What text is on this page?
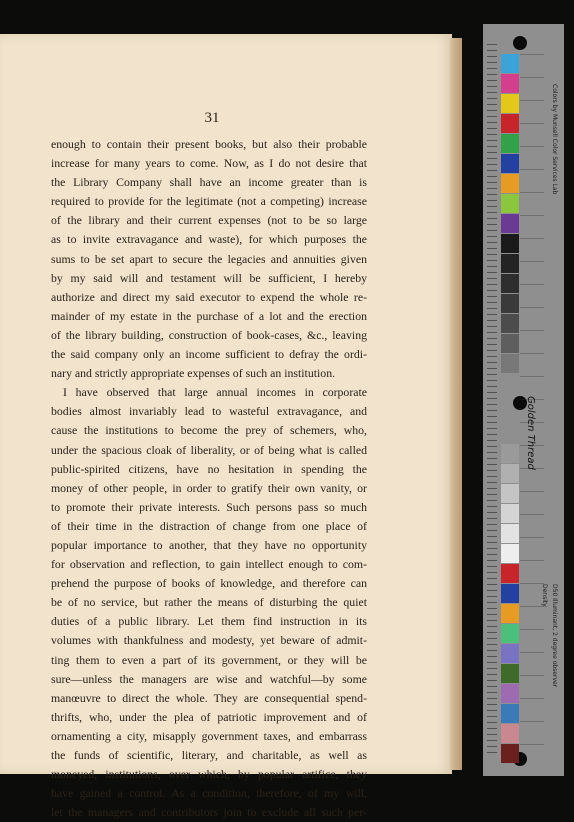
31
enough to contain their present books, but also their probable
increase for many years to come. Now, as I do not desire that
the Library Company shall have an income greater than is
required to provide for the legitimate (not a competing) increase
of the library and their current expenses (not to be so large
as to invite extravagance and waste), for which purposes the
sums to be set apart to secure the legacies and annuities given
by my said will and testament will be sufficient, I hereby
authorize and direct my said executor to expend the whole re-
mainder of my estate in the purchase of a lot and the erection
of the library building, construction of book-cases, &c., leaving
the said company only an income sufficient to defray the ordi-
nary and strictly appropriate expenses of such an institution.
I have observed that large annual incomes in corporate
bodies almost invariably lead to wasteful extravagance, and
cause the institutions to become the prey of schemers, who,
under the spacious cloak of liberality, or of being what is called
public-spirited citizens, have no hesitation in spending the
money of other people, in order to gratify their own vanity, or
to promote their private interests. Such persons pass so much
of their time in the distraction of change from one place of
popular importance to another, that they have no opportunity
for observation and reflection, to gain intellect enough to com-
prehend the purpose of books of knowledge, and therefore can
be of no service, but rather the means of disturbing the quiet
duties of a public library. Let them find instruction in its
volumes with thankfulness and modesty, yet beware of admit-
ting them to even a part of its government, or they will be
sure—unless the managers are wise and watchful—by some
manœuvre to direct the whole. They are consequential spend-
thrifts, who, under the plea of patriotic improvement and of
ornamenting a city, misapply government taxes, and embarrass
the funds of scientific, literary, and charitable, as well as
moneyed, institutions, over which, by popular artifice, they
have gained a control. As a condition, therefore, of my will,
let the managers and contributors join to exclude all such per-
Colors by Munsell Color Services Lab
D50 Illuminant, 2 degree observer
Density
Golden Thread
